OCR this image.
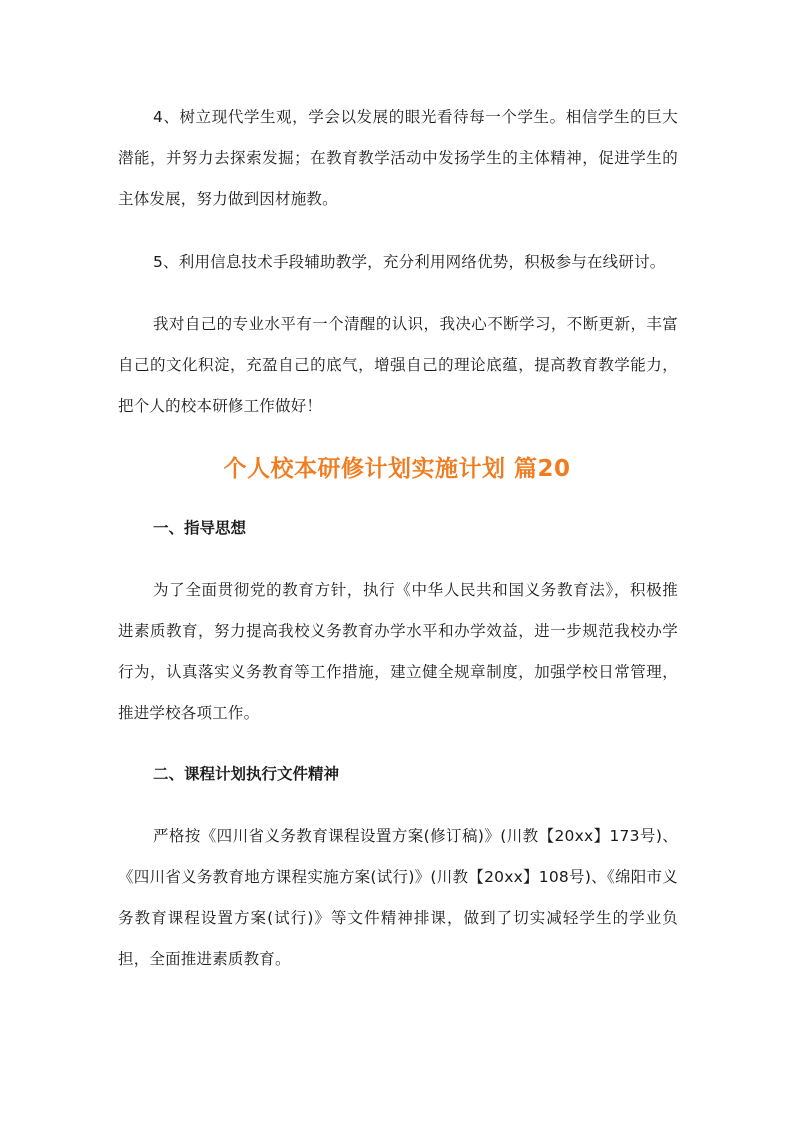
4、树立现代学生观，学会以发展的眼光看待每一个学生。相信学生的巨大潜能，并努力去探索发掘；在教育教学活动中发扬学生的主体精神，促进学生的主体发展，努力做到因材施教。

5、利用信息技术手段辅助教学，充分利用网络优势，积极参与在线研讨。

我对自己的专业水平有一个清醒的认识，我决心不断学习，不断更新，丰富自己的文化积淀，充盈自己的底气，增强自己的理论底蕴，提高教育教学能力，把个人的校本研修工作做好！

个人校本研修计划实施计划 篇20
一、指导思想

为了全面贯彻党的教育方针，执行《中华人民共和国义务教育法》，积极推进素质教育，努力提高我校义务教育办学水平和办学效益，进一步规范我校办学行为，认真落实义务教育等工作措施，建立健全规章制度，加强学校日常管理，推进学校各项工作。

二、课程计划执行文件精神

严格按《四川省义务教育课程设置方案(修订稿)》(川教【20xx】173号)、《四川省义务教育地方课程实施方案(试行)》(川教【20xx】108号)、《绵阳市义务教育课程设置方案(试行)》等文件精神排课，做到了切实减轻学生的学业负担，全面推进素质教育。
